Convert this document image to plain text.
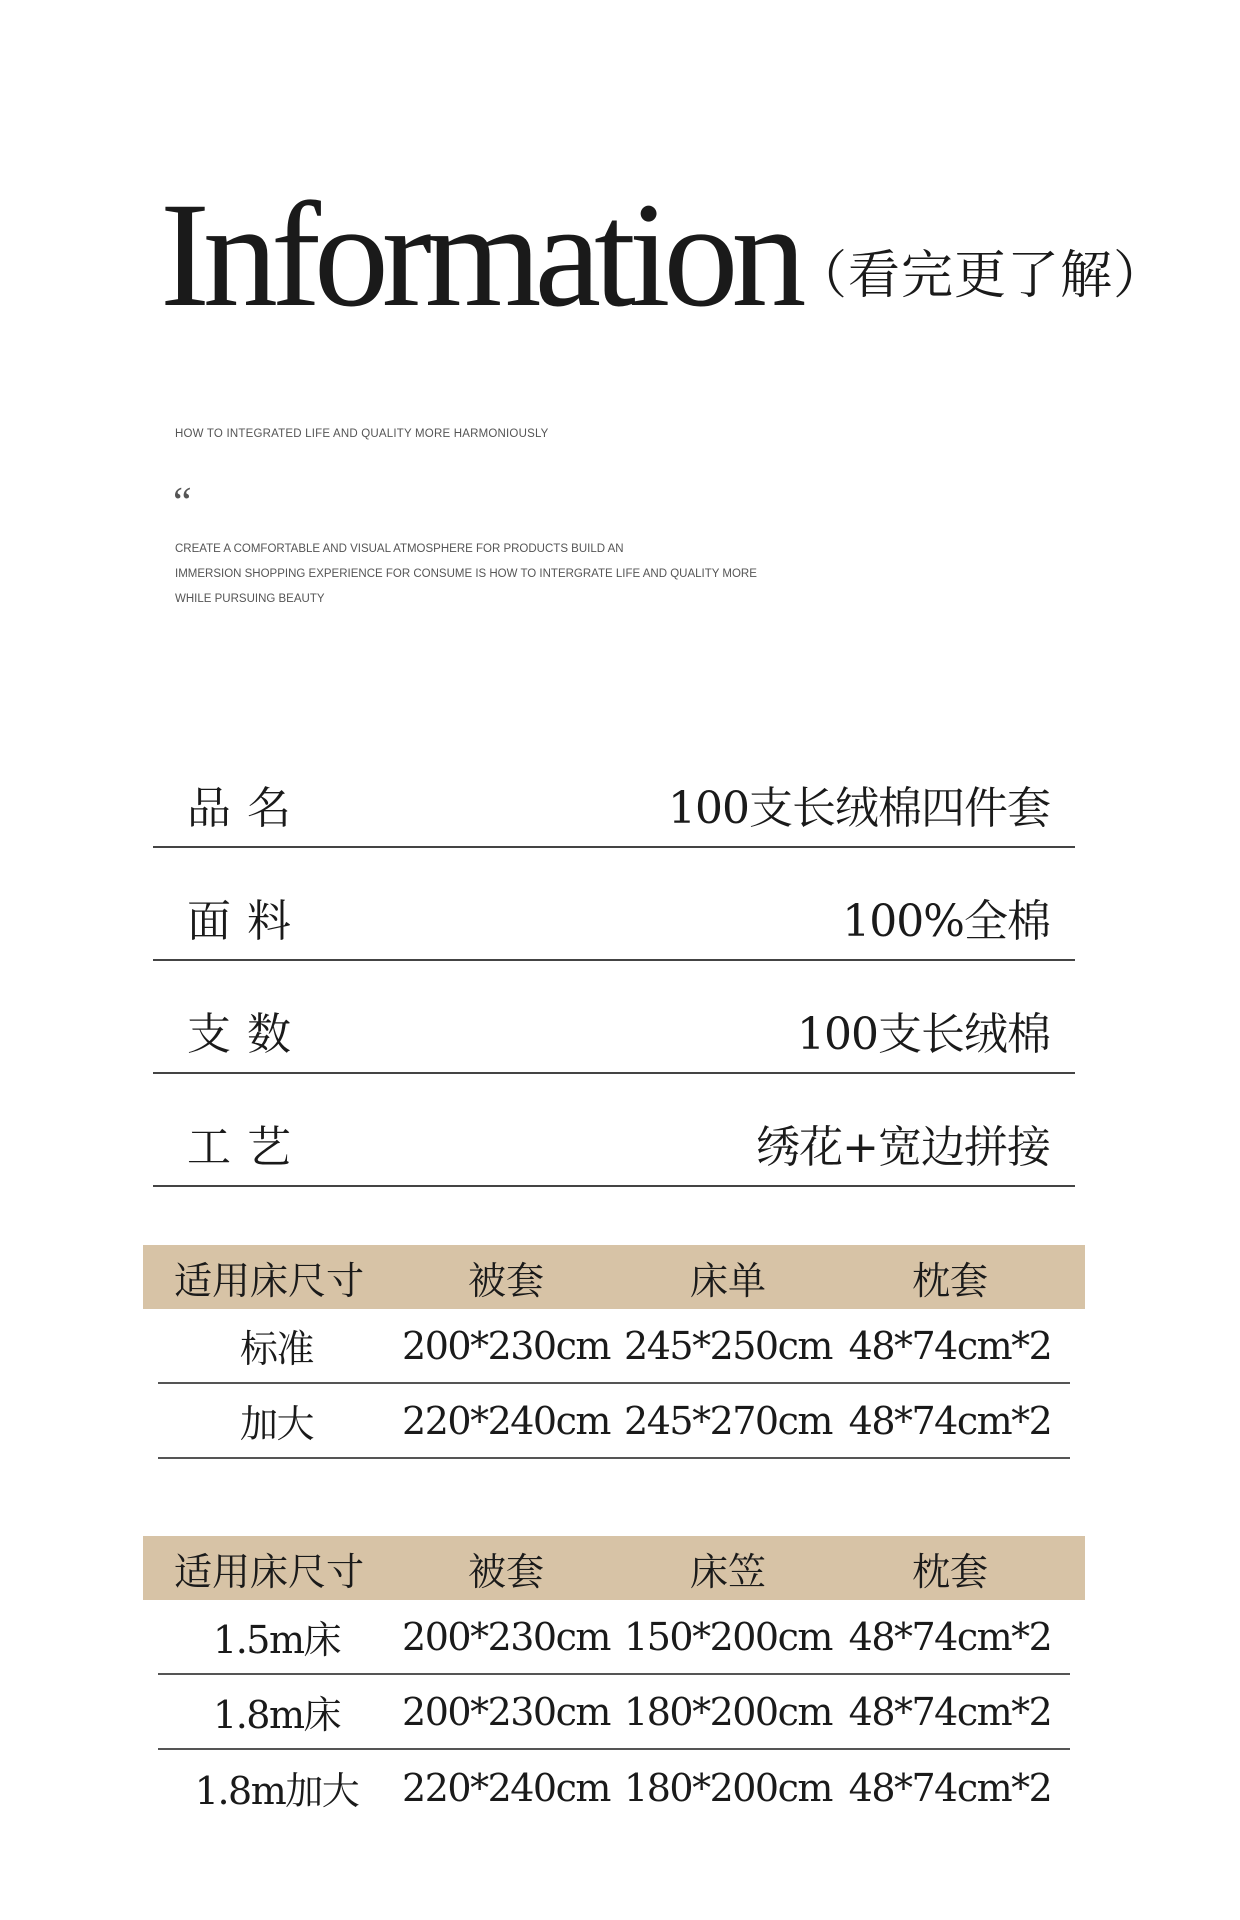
Information
（看完更了解）
HOW TO INTEGRATED LIFE AND QUALITY MORE HARMONIOUSLY
“
CREATE A COMFORTABLE AND VISUAL ATMOSPHERE FOR PRODUCTS BUILD AN
IMMERSION SHOPPING EXPERIENCE FOR CONSUME IS HOW TO INTERGRATE LIFE AND QUALITY MORE
WHILE PURSUING BEAUTY
品名	100支长绒棉四件套
面料	100%全棉
支数	100支长绒棉
工艺	绣花+宽边拼接
适用床尺寸	被套	床单	枕套
标准	200*230cm 245*250cm 48*74cm*2
加大	220*240cm 245*270cm 48*74cm*2
适用床尺寸	被套	床笠	枕套
1.5m床	200*230cm 150*200cm 48*74cm*2
1.8m床	200*230cm 180*200cm 48*74cm*2
1.8m加大	220*240cm 180*200cm 48*74cm*2
